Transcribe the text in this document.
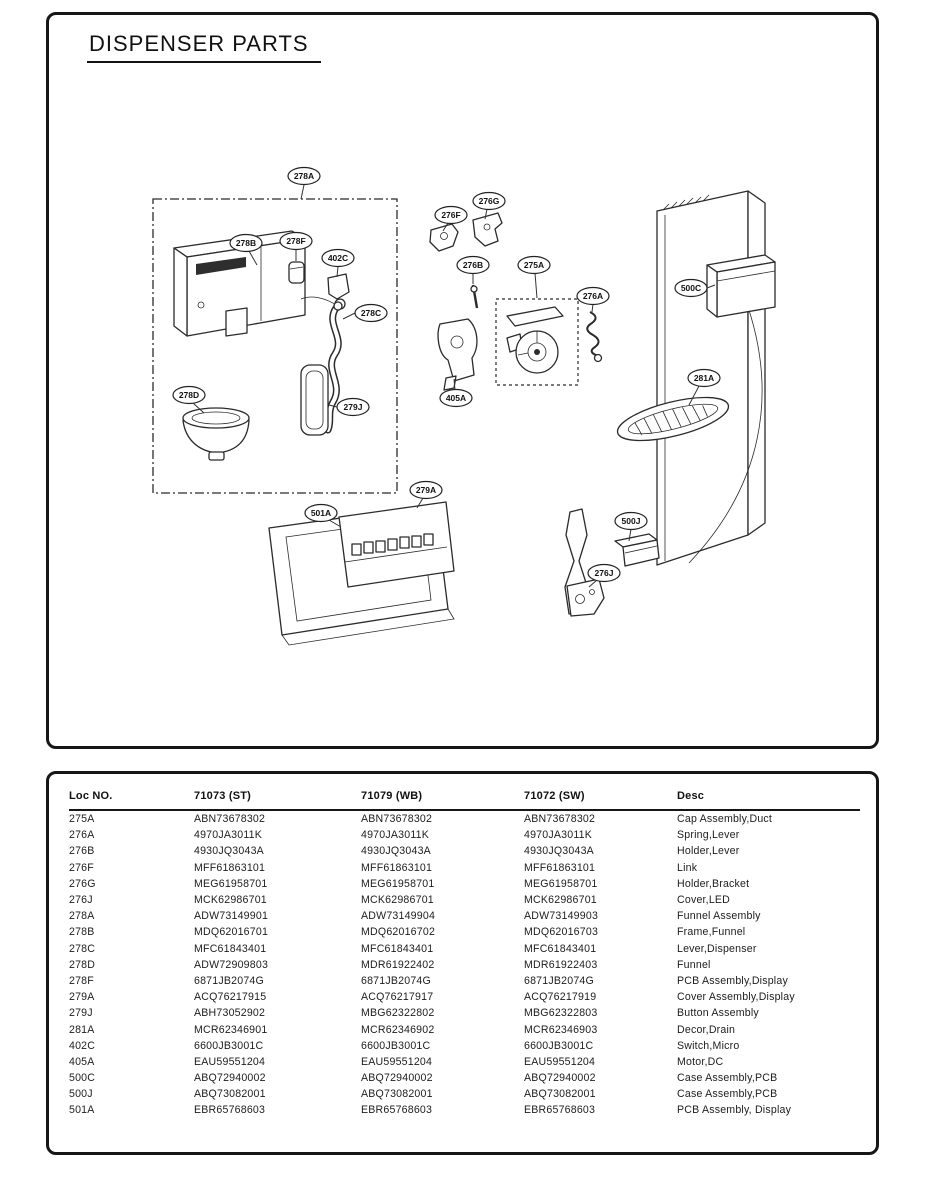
DISPENSER PARTS
278A
278B	278F
402C
278C
278D
279J
276F
276G
276B	275A
276A
405A
500C
281A
279A
501A
500J
276J
Loc NO.	71073 (ST)	71079 (WB)	71072 (SW)	Desc
275A	ABN73678302	ABN73678302	ABN73678302	Cap Assembly,Duct
276A	4970JA3011K	4970JA3011K	4970JA3011K	Spring,Lever
276B	4930JQ3043A	4930JQ3043A	4930JQ3043A	Holder,Lever
276F	MFF61863101	MFF61863101	MFF61863101	Link
276G	MEG61958701	MEG61958701	MEG61958701	Holder,Bracket
276J	MCK62986701	MCK62986701	MCK62986701	Cover,LED
278A	ADW73149901	ADW73149904	ADW73149903	Funnel Assembly
278B	MDQ62016701	MDQ62016702	MDQ62016703	Frame,Funnel
278C	MFC61843401	MFC61843401	MFC61843401	Lever,Dispenser
278D	ADW72909803	MDR61922402	MDR61922403	Funnel
278F	6871JB2074G	6871JB2074G	6871JB2074G	PCB Assembly,Display
279A	ACQ76217915	ACQ76217917	ACQ76217919	Cover Assembly,Display
279J	ABH73052902	MBG62322802	MBG62322803	Button Assembly
281A	MCR62346901	MCR62346902	MCR62346903	Decor,Drain
402C	6600JB3001C	6600JB3001C	6600JB3001C	Switch,Micro
405A	EAU59551204	EAU59551204	EAU59551204	Motor,DC
500C	ABQ72940002	ABQ72940002	ABQ72940002	Case Assembly,PCB
500J	ABQ73082001	ABQ73082001	ABQ73082001	Case Assembly,PCB
501A	EBR65768603	EBR65768603	EBR65768603	PCB Assembly, Display
